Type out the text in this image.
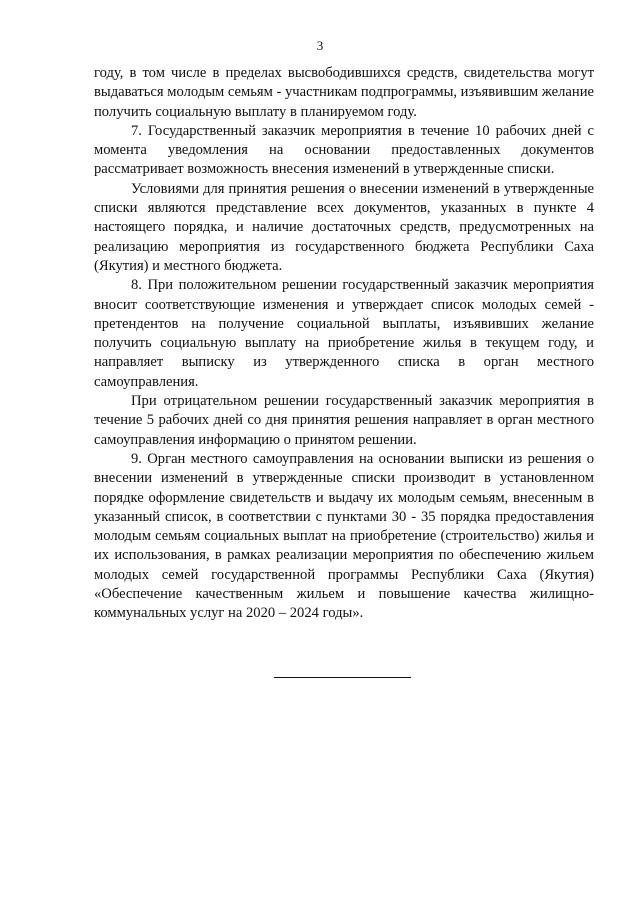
3

году, в том числе в пределах высвободившихся средств, свидетельства могут выдаваться молодым семьям - участникам подпрограммы, изъявившим желание получить социальную выплату в планируемом году.

7. Государственный заказчик мероприятия в течение 10 рабочих дней с момента уведомления на основании предоставленных документов рассматривает возможность внесения изменений в утвержденные списки.

Условиями для принятия решения о внесении изменений в утвержденные списки являются представление всех документов, указанных в пункте 4 настоящего порядка, и наличие достаточных средств, предусмотренных на реализацию мероприятия из государственного бюджета Республики Саха (Якутия) и местного бюджета.

8. При положительном решении государственный заказчик мероприятия вносит соответствующие изменения и утверждает список молодых семей - претендентов на получение социальной выплаты, изъявивших желание получить социальную выплату на приобретение жилья в текущем году, и направляет выписку из утвержденного списка в орган местного самоуправления.

При отрицательном решении государственный заказчик мероприятия в течение 5 рабочих дней со дня принятия решения направляет в орган местного самоуправления информацию о принятом решении.

9. Орган местного самоуправления на основании выписки из решения о внесении изменений в утвержденные списки производит в установленном порядке оформление свидетельств и выдачу их молодым семьям, внесенным в указанный список, в соответствии с пунктами 30 - 35 порядка предоставления молодым семьям социальных выплат на приобретение (строительство) жилья и их использования, в рамках реализации мероприятия по обеспечению жильем молодых семей государственной программы Республики Саха (Якутия) «Обеспечение качественным жильем и повышение качества жилищно-коммунальных услуг на 2020 – 2024 годы».
